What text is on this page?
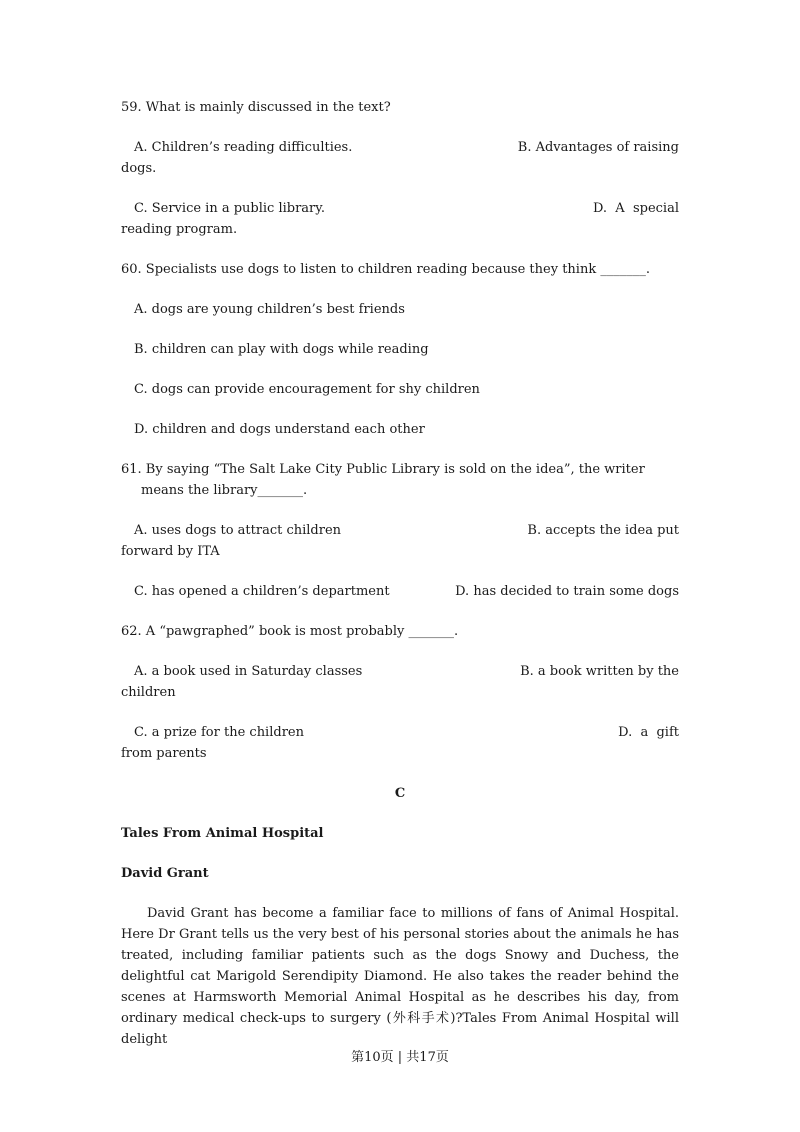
59. What is mainly discussed in the text?

A. Children’s reading difficulties.	B. Advantages of raising
dogs.
C. Service in a public library.	D.  A  special
reading program.

60. Specialists use dogs to listen to children reading because they think _______.

A. dogs are young children’s best friends

B. children can play with dogs while reading

C. dogs can provide encouragement for shy children

D. children and dogs understand each other

61. By saying “The Salt Lake City Public Library is sold on the idea”, the writer

means the library_______.

A. uses dogs to attract children	B. accepts the idea put
forward by ITA
C. has opened a children’s department	D. has decided to train some dogs

62. A “pawgraphed” book is most probably _______.

A. a book used in Saturday classes	B. a book written by the
children
C. a prize for the children	D.  a  gift
from parents

C

Tales From Animal Hospital

David Grant

David Grant has become a familiar face to millions of fans of Animal Hospital. Here Dr Grant tells us the very best of his personal stories about the animals he has treated, including familiar patients such as the dogs Snowy and Duchess, the delightful cat Marigold Serendipity Diamond. He also takes the reader behind the scenes at Harmsworth Memorial Animal Hospital as he describes his day, from ordinary medical check-ups to surgery (外科手术)?Tales From Animal Hospital will delight

第10页 | 共17页
